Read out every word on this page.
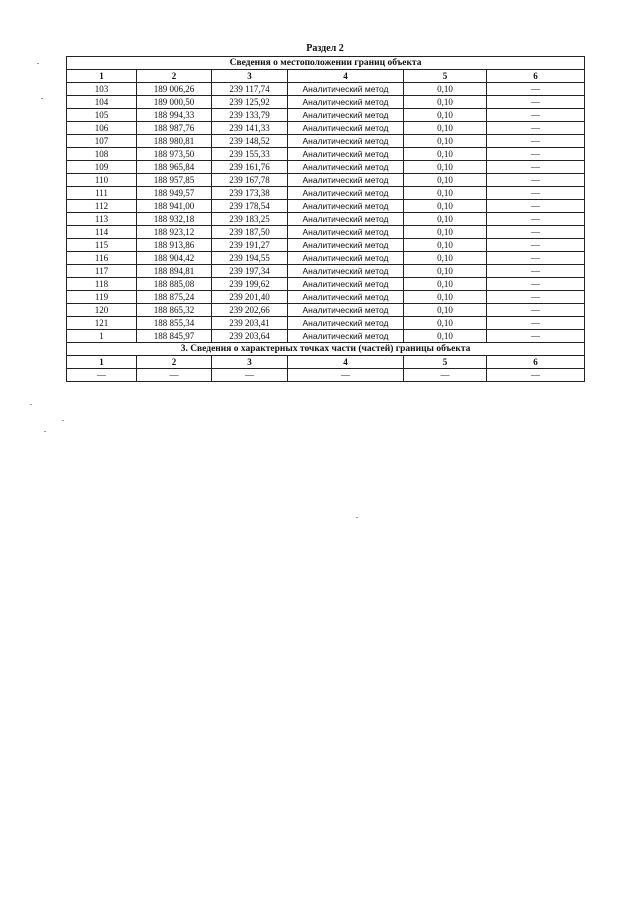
Раздел 2
Сведения о местоположении границ объекта					
1	2	3	4	5	6
103	189 006,26	239 117,74	Аналитический метод	0,10	—
104	189 000,50	239 125,92	Аналитический метод	0,10	—
105	188 994,33	239 133,79	Аналитический метод	0,10	—
106	188 987,76	239 141,33	Аналитический метод	0,10	—
107	188 980,81	239 148,52	Аналитический метод	0,10	—
108	188 973,50	239 155,33	Аналитический метод	0,10	—
109	188 965,84	239 161,76	Аналитический метод	0,10	—
110	188 957,85	239 167,78	Аналитический метод	0,10	—
111	188 949,57	239 173,38	Аналитический метод	0,10	—
112	188 941,00	239 178,54	Аналитический метод	0,10	—
113	188 932,18	239 183,25	Аналитический метод	0,10	—
114	188 923,12	239 187,50	Аналитический метод	0,10	—
115	188 913,86	239 191,27	Аналитический метод	0,10	—
116	188 904,42	239 194,55	Аналитический метод	0,10	—
117	188 894,81	239 197,34	Аналитический метод	0,10	—
118	188 885,08	239 199,62	Аналитический метод	0,10	—
119	188 875,24	239 201,40	Аналитический метод	0,10	—
120	188 865,32	239 202,66	Аналитический метод	0,10	—
121	188 855,34	239 203,41	Аналитический метод	0,10	—
1	188 845,97	239 203,64	Аналитический метод	0,10	—
3. Сведения о характерных точках части (частей) границы объекта					
1	2	3	4	5	6
—	—	—	—	—	—
